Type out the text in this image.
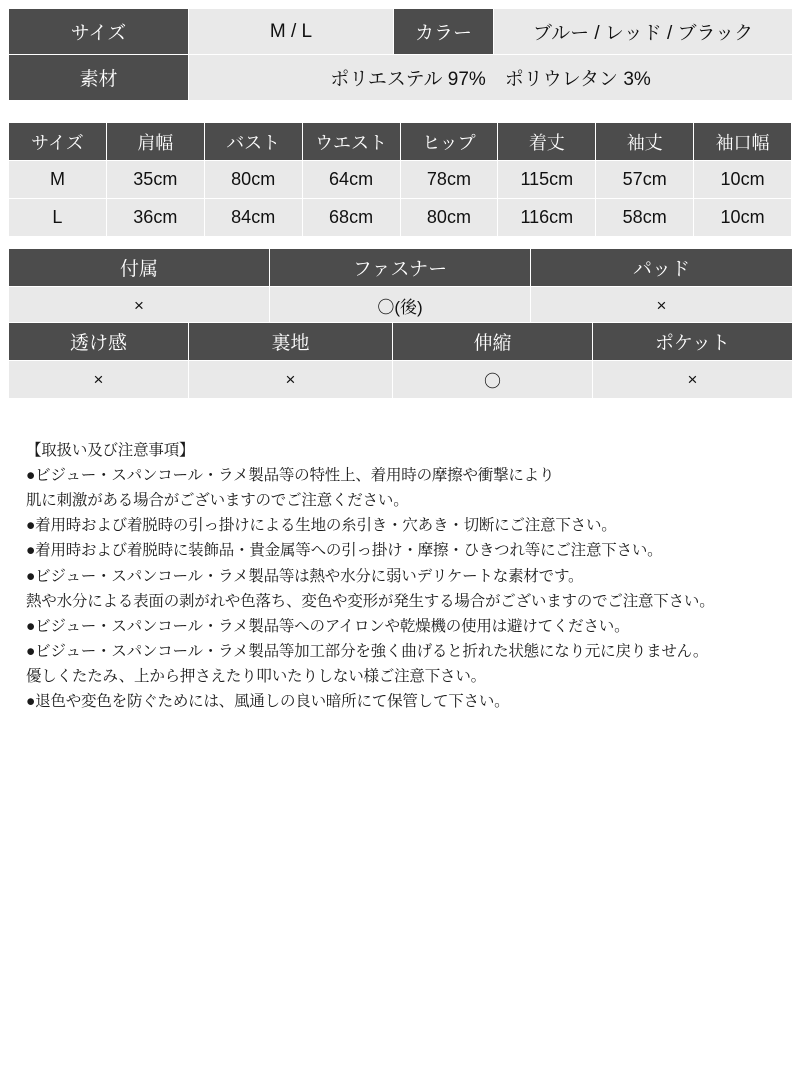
サイズ	M / L	カラー	ブルー / レッド / ブラック
素材	ポリエステル 97%　ポリウレタン 3%		
サイズ	肩幅	バスト	ウエスト	ヒップ	着丈	袖丈	袖口幅
M	35cm	80cm	64cm	78cm	115cm	57cm	10cm
L	36cm	84cm	68cm	80cm	116cm	58cm	10cm
付属	ファスナー	パッド
×	〇(後)	×
透け感	裏地	伸縮	ポケット
×	×	〇	×
【取扱い及び注意事項】
●ビジュー・スパンコール・ラメ製品等の特性上、着用時の摩擦や衝撃により
肌に刺激がある場合がございますのでご注意ください。
●着用時および着脱時の引っ掛けによる生地の糸引き・穴あき・切断にご注意下さい。
●着用時および着脱時に装飾品・貴金属等への引っ掛け・摩擦・ひきつれ等にご注意下さい。
●ビジュー・スパンコール・ラメ製品等は熱や水分に弱いデリケートな素材です。
熱や水分による表面の剥がれや色落ち、変色や変形が発生する場合がございますのでご注意下さい。
●ビジュー・スパンコール・ラメ製品等へのアイロンや乾燥機の使用は避けてください。
●ビジュー・スパンコール・ラメ製品等加工部分を強く曲げると折れた状態になり元に戻りません。
優しくたたみ、上から押さえたり叩いたりしない様ご注意下さい。
●退色や変色を防ぐためには、風通しの良い暗所にて保管して下さい。
